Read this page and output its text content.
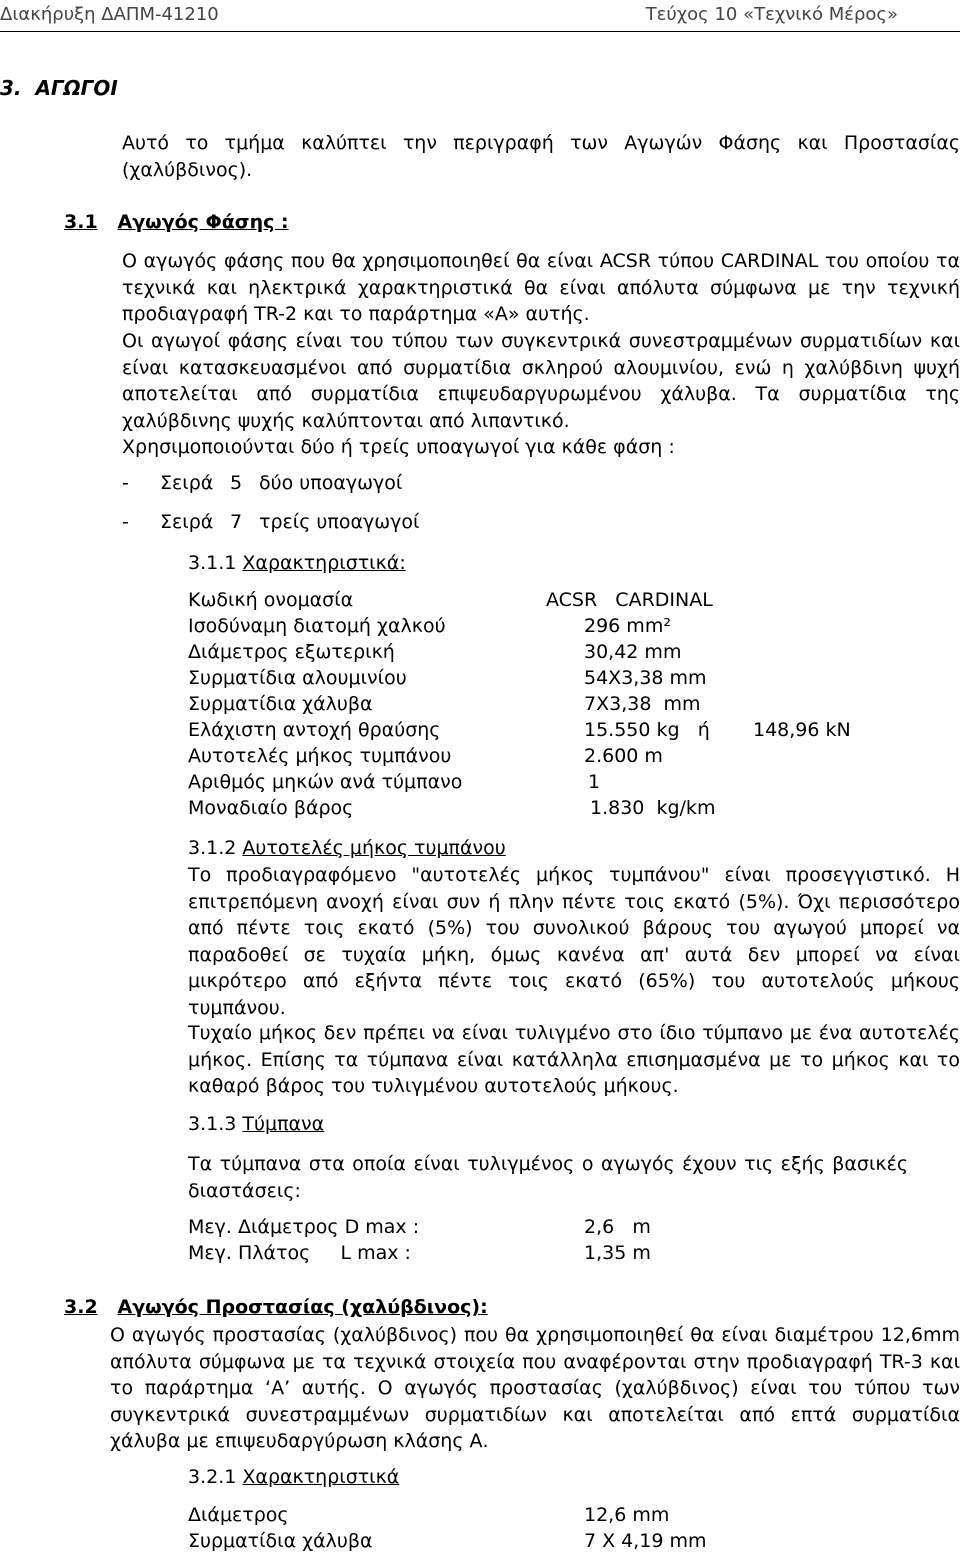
Διακήρυξη ΔΑΠΜ-41210	Τεύχος 10 «Τεχνικό Μέρος»
3. ΑΓΩΓΟΙ
Αυτό το τμήμα καλύπτει την περιγραφή των Αγωγών Φάσης και Προστασίας (χαλύβδινος).
3.1 Αγωγός Φάσης :
Ο αγωγός φάσης που θα χρησιμοποιηθεί θα είναι ACSR τύπου CARDINAL του οποίου τα τεχνικά και ηλεκτρικά χαρακτηριστικά θα είναι απόλυτα σύμφωνα με την τεχνική προδιαγραφή TR-2 και το παράρτημα «Α» αυτής.
Οι αγωγοί φάσης είναι του τύπου των συγκεντρικά συνεστραμμένων συρματιδίων και είναι κατασκευασμένοι από συρματίδια σκληρού αλουμινίου, ενώ η χαλύβδινη ψυχή αποτελείται από συρματίδια επιψευδαργυρωμένου χάλυβα. Τα συρματίδια της χαλύβδινης ψυχής καλύπτονται από λιπαντικό.
Χρησιμοποιούνται δύο ή τρείς υποαγωγοί για κάθε φάση :
- Σειρά 5 δύο υποαγωγοί
- Σειρά 7 τρείς υποαγωγοί
3.1.1 Χαρακτηριστικά:
Κωδική ονομασία	ACSR   CARDINAL
Ισοδύναμη διατομή χαλκού	296 mm²
Διάμετρος εξωτερική	30,42 mm
Συρματίδια αλουμινίου	54X3,38 mm
Συρματίδια χάλυβα	7X3,38  mm
Ελάχιστη αντοχή θραύσης	15.550 kg   ή 148,96 kN
Αυτοτελές μήκος τυμπάνου	2.600 m
Αριθμός μηκών ανά τύμπανο	1
Μοναδιαίο βάρος	1.830  kg/km
3.1.2 Αυτοτελές μήκος τυμπάνου
Το προδιαγραφόμενο "αυτοτελές μήκος τυμπάνου" είναι προσεγγιστικό. Η επιτρεπόμενη ανοχή είναι συν ή πλην πέντε τοις εκατό (5%). Όχι περισσότερο από πέντε τοις εκατό (5%) του συνολικού βάρους του αγωγού μπορεί να παραδοθεί σε τυχαία μήκη, όμως κανένα απ' αυτά δεν μπορεί να είναι μικρότερο από εξήντα πέντε τοις εκατό (65%) του αυτοτελούς μήκους τυμπάνου.
Τυχαίο μήκος δεν πρέπει να είναι τυλιγμένο στο ίδιο τύμπανο με ένα αυτοτελές μήκος. Επίσης τα τύμπανα είναι κατάλληλα επισημασμένα με το μήκος και το καθαρό βάρος του τυλιγμένου αυτοτελούς μήκους.
3.1.3 Τύμπανα
Τα τύμπανα στα οποία είναι τυλιγμένος ο αγωγός έχουν τις εξής βασικές διαστάσεις:
Μεγ. Διάμετρος D max :	2,6   m
Μεγ. Πλάτος     L max :	1,35 m
3.2 Αγωγός Προστασίας (χαλύβδινος):
Ο αγωγός προστασίας (χαλύβδινος) που θα χρησιμοποιηθεί θα είναι διαμέτρου 12,6mm απόλυτα σύμφωνα με τα τεχνικά στοιχεία που αναφέρονται στην προδιαγραφή TR-3 και το παράρτημα ‘Α’ αυτής. Ο αγωγός προστασίας (χαλύβδινος) είναι του τύπου των συγκεντρικά συνεστραμμένων συρματιδίων και αποτελείται από επτά συρματίδια χάλυβα με επιψευδαργύρωση κλάσης Α.
3.2.1 Χαρακτηριστικά
Διάμετρος	12,6 mm
Συρματίδια χάλυβα	7 X 4,19 mm
